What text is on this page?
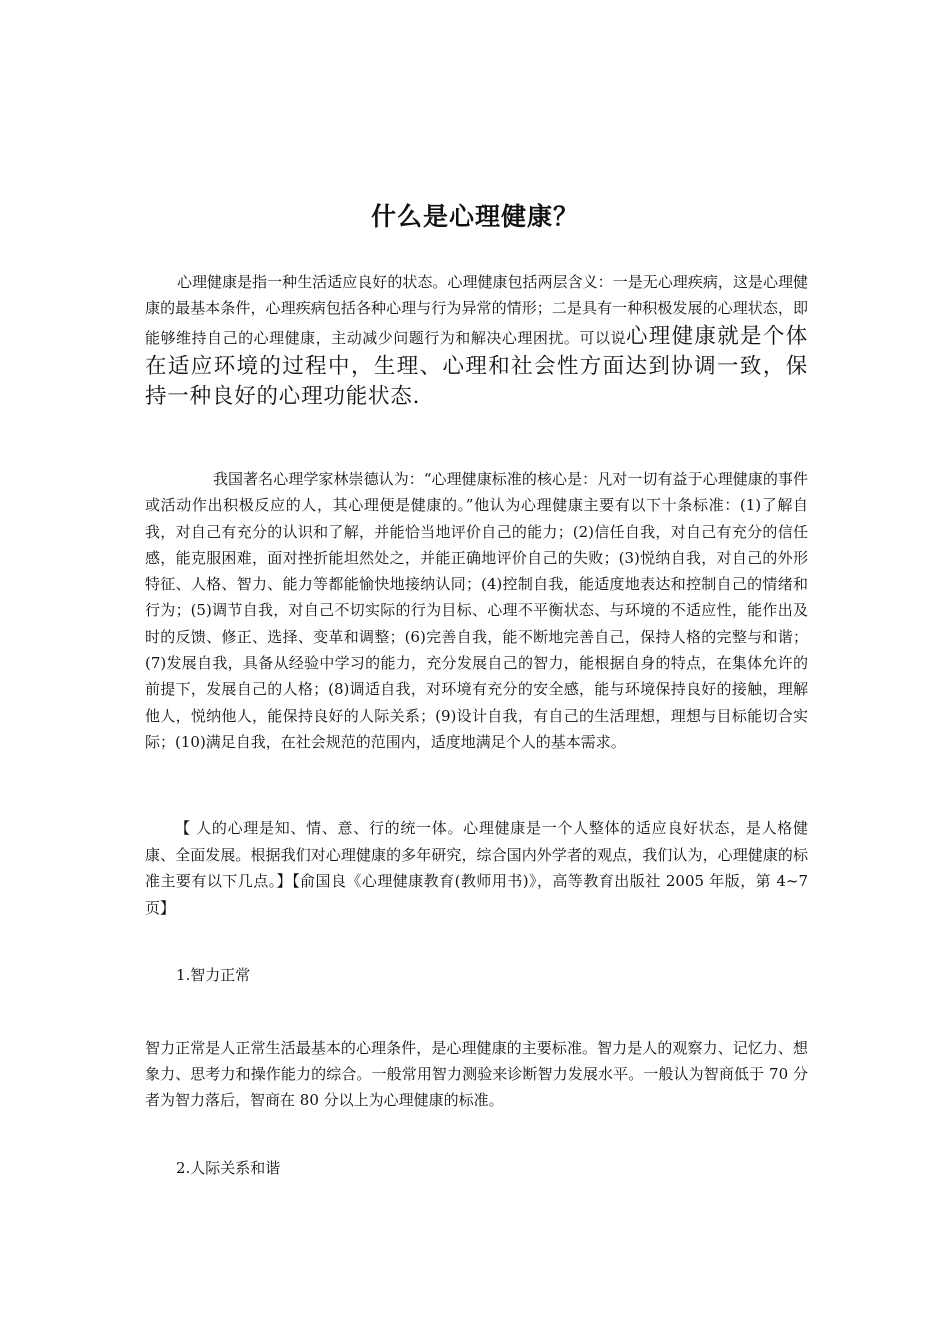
什么是心理健康？

心理健康是指一种生活适应良好的状态。心理健康包括两层含义：一是无心理疾病，这是心理健康的最基本条件，心理疾病包括各种心理与行为异常的情形；二是具有一种积极发展的心理状态，即能够维持自己的心理健康，主动减少问题行为和解决心理困扰。可以说心理健康就是个体在适应环境的过程中，生理、心理和社会性方面达到协调一致，保持一种良好的心理功能状态.

我国著名心理学家林崇德认为：“心理健康标准的核心是：凡对一切有益于心理健康的事件或活动作出积极反应的人，其心理便是健康的。”他认为心理健康主要有以下十条标准：(1)了解自我，对自己有充分的认识和了解，并能恰当地评价自己的能力；(2)信任自我，对自己有充分的信任感，能克服困难，面对挫折能坦然处之，并能正确地评价自己的失败；(3)悦纳自我，对自己的外形特征、人格、智力、能力等都能愉快地接纳认同；(4)控制自我，能适度地表达和控制自己的情绪和行为；(5)调节自我，对自己不切实际的行为目标、心理不平衡状态、与环境的不适应性，能作出及时的反馈、修正、选择、变革和调整；(6)完善自我，能不断地完善自己，保持人格的完整与和谐；(7)发展自我，具备从经验中学习的能力，充分发展自己的智力，能根据自身的特点，在集体允许的前提下，发展自己的人格；(8)调适自我，对环境有充分的安全感，能与环境保持良好的接触，理解他人，悦纳他人，能保持良好的人际关系；(9)设计自我，有自己的生活理想，理想与目标能切合实际；(10)满足自我，在社会规范的范围内，适度地满足个人的基本需求。

【 人的心理是知、情、意、行的统一体。心理健康是一个人整体的适应良好状态，是人格健康、全面发展。根据我们对心理健康的多年研究，综合国内外学者的观点，我们认为，心理健康的标准主要有以下几点。】【俞国良《心理健康教育(教师用书)》，高等教育出版社 2005 年版，第 4~7 页】

1.智力正常

智力正常是人正常生活最基本的心理条件，是心理健康的主要标准。智力是人的观察力、记忆力、想象力、思考力和操作能力的综合。一般常用智力测验来诊断智力发展水平。一般认为智商低于 70 分者为智力落后，智商在 80 分以上为心理健康的标准。

2.人际关系和谐
